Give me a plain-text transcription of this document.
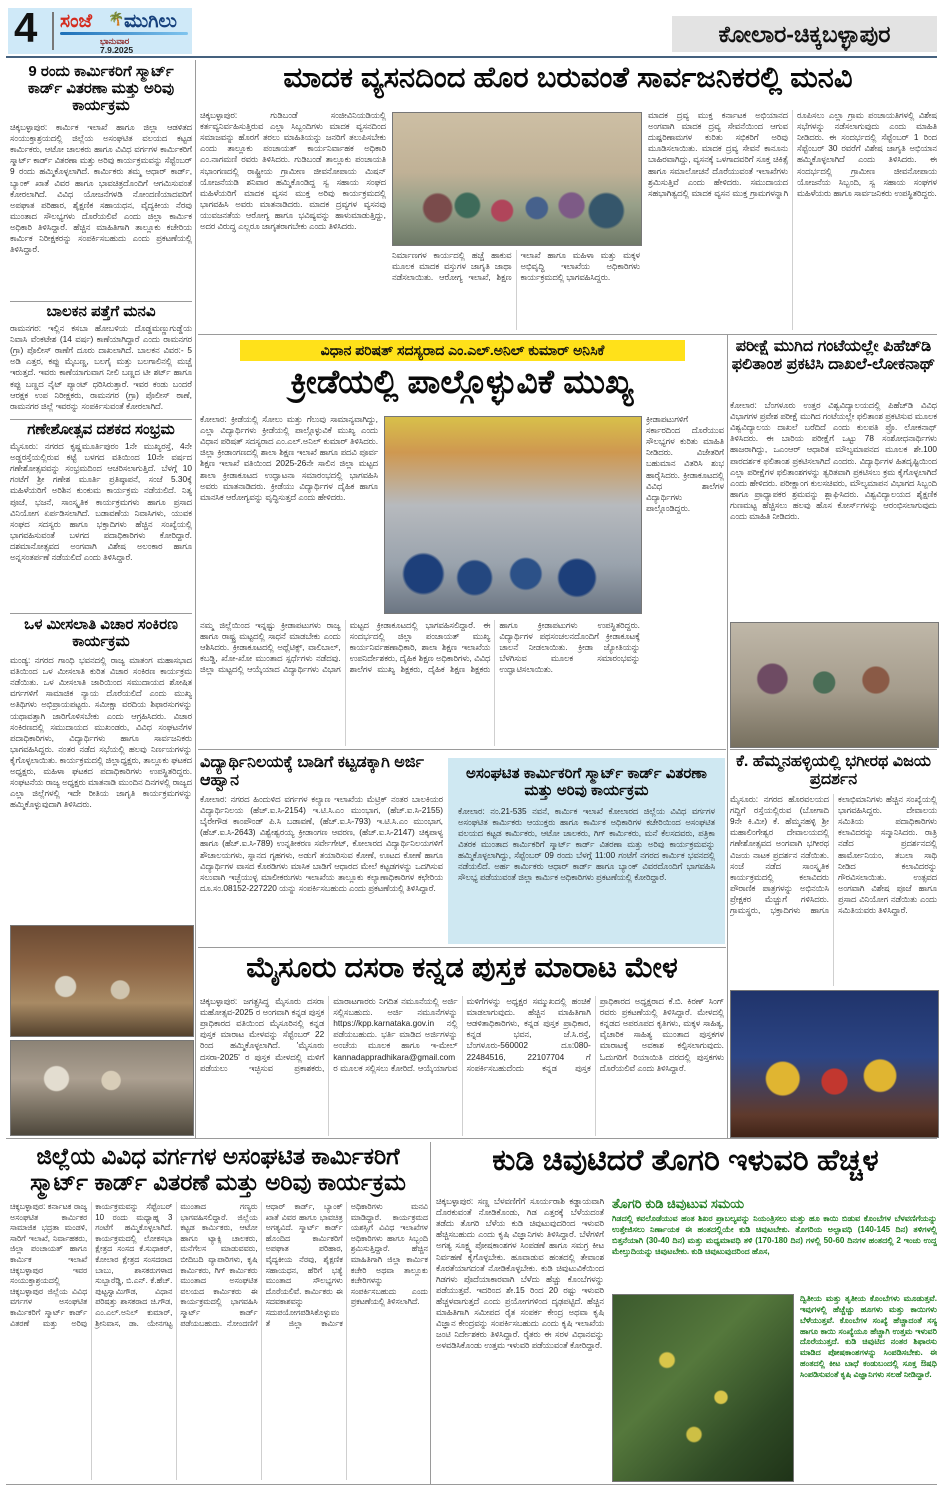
4 ಸಂಜೆ 🌴 ಮುಗಿಲು
ಭಾನುವಾರ
7.9.2025
ಕೋಲಾರ-ಚಿಕ್ಕಬಳ್ಳಾಪುರ
9 ರಂದು ಕಾರ್ಮಿಕರಿಗೆ ಸ್ಮಾರ್ಟ್ ಕಾರ್ಡ್ ವಿತರಣಾ ಮತ್ತು ಅರಿವು ಕಾರ್ಯಕ್ರಮ
ಚಿಕ್ಕಬಳ್ಳಾಪುರ: ಕಾರ್ಮಿಕ ಇಲಾಖೆ ಹಾಗೂ ಜಿಲ್ಲಾ ಆಡಳಿತದ ಸಂಯುಕ್ತಾಶ್ರಯದಲ್ಲಿ ಜಿಲ್ಲೆಯ ಅಸಂಘಟಿತ ವಲಯದ ಕಟ್ಟಡ ಕಾರ್ಮಿಕರು, ಆಟೋ ಚಾಲಕರು ಹಾಗೂ ವಿವಿಧ ವರ್ಗಗಳ ಕಾರ್ಮಿಕರಿಗೆ ಸ್ಮಾರ್ಟ್ ಕಾರ್ಡ್ ವಿತರಣಾ ಮತ್ತು ಅರಿವು ಕಾರ್ಯಕ್ರಮವನ್ನು ಸೆಪ್ಟೆಂಬರ್ 9 ರಂದು ಹಮ್ಮಿಕೊಳ್ಳಲಾಗಿದೆ. ಕಾರ್ಮಿಕರು ತಮ್ಮ ಆಧಾರ್ ಕಾರ್ಡ್, ಬ್ಯಾಂಕ್ ಖಾತೆ ವಿವರ ಹಾಗೂ ಭಾವಚಿತ್ರದೊಂದಿಗೆ ಆಗಮಿಸುವಂತೆ ಕೋರಲಾಗಿದೆ. ವಿವಿಧ ಯೋಜನೆಗಳಡಿ ನೋಂದಣಿಯಾದವರಿಗೆ ಅಪಘಾತ ಪರಿಹಾರ, ಶೈಕ್ಷಣಿಕ ಸಹಾಯಧನ, ವೈದ್ಯಕೀಯ ನೆರವು ಮುಂತಾದ ಸೌಲಭ್ಯಗಳು ದೊರೆಯಲಿವೆ ಎಂದು ಜಿಲ್ಲಾ ಕಾರ್ಮಿಕ ಅಧಿಕಾರಿ ತಿಳಿಸಿದ್ದಾರೆ. ಹೆಚ್ಚಿನ ಮಾಹಿತಿಗಾಗಿ ತಾಲ್ಲೂಕು ಕಚೇರಿಯ ಕಾರ್ಮಿಕ ನಿರೀಕ್ಷಕರನ್ನು ಸಂಪರ್ಕಿಸಬಹುದು ಎಂದು ಪ್ರಕಟಣೆಯಲ್ಲಿ ತಿಳಿಸಿದ್ದಾರೆ.
ಬಾಲಕನ ಪತ್ತೆಗೆ ಮನವಿ
ರಾಮನಗರ: ಇಲ್ಲಿನ ಕಸಬಾ ಹೋಬಳಿಯ ದೊಡ್ಡಮಣ್ಣುಗುಡ್ಡೆಯ ನಿವಾಸಿ ವೆಂಕಟೇಶ (14 ವರ್ಷ) ಕಾಣೆಯಾಗಿದ್ದಾರೆ ಎಂದು ರಾಮನಗರ (ಗ್ರಾ) ಪೊಲೀಸ್ ಠಾಣೆಗೆ ದೂರು ದಾಖಲಾಗಿದೆ. ಬಾಲಕನ ವಿವರ:- 5 ಅಡಿ ಎತ್ತರ, ಕಪ್ಪು ಮೈಬಣ್ಣ, ಬಲಗೈ ಮತ್ತು ಬಲಗಾಲಿನಲ್ಲಿ ಮಚ್ಚೆ ಇರುತ್ತದೆ. ಇವರು ಕಾಣೆಯಾಗುವಾಗ ನೀಲಿ ಬಣ್ಣದ ಟೀ ಶರ್ಟ್ ಹಾಗೂ ಕಪ್ಪು ಬಣ್ಣದ ನೈಟ್ ಪ್ಯಾಂಟ್ ಧರಿಸಿರುತ್ತಾರೆ. ಇವರ ಕಂಡು ಬಂದರೆ ಆರಕ್ಷಕ ಉಪ ನಿರೀಕ್ಷಕರು, ರಾಮನಗರ (ಗ್ರಾ) ಪೊಲೀಸ್ ಠಾಣೆ, ರಾಮನಗರ ಜಿಲ್ಲೆ ಇವರನ್ನು ಸಂಪರ್ಕಿಸುವಂತೆ ಕೋರಲಾಗಿದೆ.
ಗಣೇಶೋತ್ಸವ ದಶಕದ ಸಂಭ್ರಮ
ಮೈಸೂರು: ನಗರದ ಕೃಷ್ಣಮೂರ್ತಿಪುರಂ 1ನೇ ಮುಖ್ಯರಸ್ತೆ, 4ನೇ ಅಡ್ಡರಸ್ತೆಯಲ್ಲಿರುವ ಕಟ್ಟೆ ಬಳಗದ ವತಿಯಿಂದ 10ನೇ ವರ್ಷದ ಗಣೇಶೋತ್ಸವವನ್ನು ಸಂಭ್ರಮದಿಂದ ಆಚರಿಸಲಾಗುತ್ತಿದೆ. ಬೆಳಗ್ಗೆ 10 ಗಂಟೆಗೆ ಶ್ರೀ ಗಣೇಶ ಮೂರ್ತಿ ಪ್ರತಿಷ್ಠಾಪನೆ, ಸಂಜೆ 5.30ಕ್ಕೆ ಮಹಿಳೆಯರಿಗೆ ಅರಿಶಿನ ಕುಂಕುಮ ಕಾರ್ಯಕ್ರಮ ನಡೆಯಲಿದೆ. ನಿತ್ಯ ಪೂಜೆ, ಭಜನೆ, ಸಾಂಸ್ಕೃತಿಕ ಕಾರ್ಯಕ್ರಮಗಳು ಹಾಗೂ ಪ್ರಸಾದ ವಿನಿಯೋಗ ಏರ್ಪಡಿಸಲಾಗಿದೆ. ಬಡಾವಣೆಯ ನಿವಾಸಿಗಳು, ಯುವಕ ಸಂಘದ ಸದಸ್ಯರು ಹಾಗೂ ಭಕ್ತಾದಿಗಳು ಹೆಚ್ಚಿನ ಸಂಖ್ಯೆಯಲ್ಲಿ ಭಾಗವಹಿಸುವಂತೆ ಬಳಗದ ಪದಾಧಿಕಾರಿಗಳು ಕೋರಿದ್ದಾರೆ. ದಶಮಾನೋತ್ಸವದ ಅಂಗವಾಗಿ ವಿಶೇಷ ಅಲಂಕಾರ ಹಾಗೂ ಅನ್ನಸಂತರ್ಪಣೆ ನಡೆಯಲಿದೆ ಎಂದು ತಿಳಿಸಿದ್ದಾರೆ.
ಒಳ ಮೀಸಲಾತಿ ವಿಚಾರ ಸಂಕಿರಣ ಕಾರ್ಯಕ್ರಮ
ಮಂಡ್ಯ: ನಗರದ ಗಾಂಧಿ ಭವನದಲ್ಲಿ ರಾಜ್ಯ ಮಾತಂಗ ಮಹಾಸಭಾದ ವತಿಯಿಂದ ಒಳ ಮೀಸಲಾತಿ ಕುರಿತ ವಿಚಾರ ಸಂಕಿರಣ ಕಾರ್ಯಕ್ರಮ ನಡೆಯಿತು. ಒಳ ಮೀಸಲಾತಿ ಜಾರಿಯಿಂದ ಸಮುದಾಯದ ಶೋಷಿತ ವರ್ಗಗಳಿಗೆ ಸಾಮಾಜಿಕ ನ್ಯಾಯ ದೊರೆಯಲಿದೆ ಎಂದು ಮುಖ್ಯ ಅತಿಥಿಗಳು ಅಭಿಪ್ರಾಯಪಟ್ಟರು. ಸಮೀಕ್ಷಾ ವರದಿಯ ಶಿಫಾರಸುಗಳನ್ನು ಯಥಾವತ್ತಾಗಿ ಜಾರಿಗೊಳಿಸಬೇಕು ಎಂದು ಆಗ್ರಹಿಸಿದರು. ವಿಚಾರ ಸಂಕಿರಣದಲ್ಲಿ ಸಮುದಾಯದ ಮುಖಂಡರು, ವಿವಿಧ ಸಂಘಟನೆಗಳ ಪದಾಧಿಕಾರಿಗಳು, ವಿದ್ಯಾರ್ಥಿಗಳು ಹಾಗೂ ಸಾರ್ವಜನಿಕರು ಭಾಗವಹಿಸಿದ್ದರು. ನಂತರ ನಡೆದ ಸಭೆಯಲ್ಲಿ ಹಲವು ನಿರ್ಣಯಗಳನ್ನು ಕೈಗೊಳ್ಳಲಾಯಿತು. ಕಾರ್ಯಕ್ರಮದಲ್ಲಿ ಜಿಲ್ಲಾಧ್ಯಕ್ಷರು, ತಾಲ್ಲೂಕು ಘಟಕದ ಅಧ್ಯಕ್ಷರು, ಮಹಿಳಾ ಘಟಕದ ಪದಾಧಿಕಾರಿಗಳು ಉಪಸ್ಥಿತರಿದ್ದರು. ಸಂಘಟನೆಯ ರಾಜ್ಯ ಅಧ್ಯಕ್ಷರು ಮಾತನಾಡಿ ಮುಂದಿನ ದಿನಗಳಲ್ಲಿ ರಾಜ್ಯದ ಎಲ್ಲಾ ಜಿಲ್ಲೆಗಳಲ್ಲಿ ಇದೇ ರೀತಿಯ ಜಾಗೃತಿ ಕಾರ್ಯಕ್ರಮಗಳನ್ನು ಹಮ್ಮಿಕೊಳ್ಳುವುದಾಗಿ ತಿಳಿಸಿದರು.
ಮಾದಕ ವ್ಯಸನದಿಂದ ಹೊರ ಬರುವಂತೆ ಸಾರ್ವಜನಿಕರಲ್ಲಿ ಮನವಿ
ಚಿಕ್ಕಬಳ್ಳಾಪುರ: ಗುಡಿಬಂಡೆ ಸಂಜೀವಿನಿಯಡಿಯಲ್ಲಿ ಕರ್ತವ್ಯನಿರ್ವಹಿಸುತ್ತಿರುವ ಎಲ್ಲಾ ಸಿಬ್ಬಂದಿಗಳು ಮಾದಕ ವ್ಯಸನದಿಂದ ಸಮಾಜವನ್ನು ಹೊರಗೆ ತರಲು ಮಾಹಿತಿಯನ್ನು ಜನರಿಗೆ ತಲುಪಿಸಬೇಕು ಎಂದು ತಾಲ್ಲೂಕು ಪಂಚಾಯತ್ ಕಾರ್ಯನಿರ್ವಾಹಕ ಅಧಿಕಾರಿ ಎಂ.ನಾಗಮಣಿ ರವರು ತಿಳಿಸಿದರು. ಗುಡಿಬಂಡೆ ತಾಲ್ಲೂಕು ಪಂಚಾಯತಿ ಸಭಾಂಗಣದಲ್ಲಿ ರಾಷ್ಟ್ರೀಯ ಗ್ರಾಮೀಣ ಜೀವನೋಪಾಯ ಮಿಷನ್ ಯೋಜನೆಯಡಿ ಶನಿವಾರ ಹಮ್ಮಿಕೊಂಡಿದ್ದ ಸ್ವ ಸಹಾಯ ಸಂಘದ ಮಹಿಳೆಯರಿಗೆ ಮಾದಕ ವ್ಯಸನ ಮುಕ್ತ ಅರಿವು ಕಾರ್ಯಕ್ರಮದಲ್ಲಿ ಭಾಗವಹಿಸಿ ಅವರು ಮಾತನಾಡಿದರು. ಮಾದಕ ದ್ರವ್ಯಗಳ ವ್ಯಸನವು ಯುವಜನತೆಯ ಆರೋಗ್ಯ ಹಾಗೂ ಭವಿಷ್ಯವನ್ನು ಹಾಳುಮಾಡುತ್ತಿದ್ದು, ಅದರ ವಿರುದ್ಧ ಎಲ್ಲರೂ ಜಾಗೃತರಾಗಬೇಕು ಎಂದು ತಿಳಿಸಿದರು.
ನಿರ್ಮಾಣಗಳ ಕಾರ್ಯದಲ್ಲಿ ಹಚ್ಚೆ ಹಾಕುವ ಮೂಲಕ ಮಾದಕ ವಸ್ತುಗಳ ಜಾಗೃತಿ ಜಾಥಾ ನಡೆಸಲಾಯಿತು. ಆರೋಗ್ಯ ಇಲಾಖೆ, ಶಿಕ್ಷಣ ಇಲಾಖೆ ಹಾಗೂ ಮಹಿಳಾ ಮತ್ತು ಮಕ್ಕಳ ಅಭಿವೃದ್ಧಿ ಇಲಾಖೆಯ ಅಧಿಕಾರಿಗಳು ಕಾರ್ಯಕ್ರಮದಲ್ಲಿ ಭಾಗವಹಿಸಿದ್ದರು.
ಮಾದಕ ದ್ರವ್ಯ ಮುಕ್ತ ಕರ್ನಾಟಕ ಅಭಿಯಾನದ ಅಂಗವಾಗಿ ಮಾದಕ ದ್ರವ್ಯ ಸೇವನೆಯಿಂದ ಆಗುವ ದುಷ್ಪರಿಣಾಮಗಳ ಕುರಿತು ಸಭಿಕರಿಗೆ ಅರಿವು ಮೂಡಿಸಲಾಯಿತು. ಮಾದಕ ದ್ರವ್ಯ ಸೇವನೆ ಕಾನೂನು ಬಾಹಿರವಾಗಿದ್ದು, ವ್ಯಸನಕ್ಕೆ ಒಳಗಾದವರಿಗೆ ಸೂಕ್ತ ಚಿಕಿತ್ಸೆ ಹಾಗೂ ಸಮಾಲೋಚನೆ ದೊರೆಯುವಂತೆ ಇಲಾಖೆಗಳು ಶ್ರಮಿಸುತ್ತಿವೆ ಎಂದು ಹೇಳಿದರು. ಸಮುದಾಯದ ಸಹಭಾಗಿತ್ವದಲ್ಲಿ ಮಾದಕ ವ್ಯಸನ ಮುಕ್ತ ಗ್ರಾಮಗಳನ್ನಾಗಿ ರೂಪಿಸಲು ಎಲ್ಲಾ ಗ್ರಾಮ ಪಂಚಾಯತಿಗಳಲ್ಲಿ ವಿಶೇಷ ಸಭೆಗಳನ್ನು ನಡೆಸಲಾಗುವುದು ಎಂದು ಮಾಹಿತಿ ನೀಡಿದರು. ಈ ಸಂದರ್ಭದಲ್ಲಿ ಸೆಪ್ಟೆಂಬರ್ 1 ರಿಂದ ಸೆಪ್ಟೆಂಬರ್ 30 ರವರೆಗೆ ವಿಶೇಷ ಜಾಗೃತಿ ಅಭಿಯಾನ ಹಮ್ಮಿಕೊಳ್ಳಲಾಗಿದೆ ಎಂದು ತಿಳಿಸಿದರು. ಈ ಸಂದರ್ಭದಲ್ಲಿ ಗ್ರಾಮೀಣ ಜೀವನೋಪಾಯ ಯೋಜನೆಯ ಸಿಬ್ಬಂದಿ, ಸ್ವ ಸಹಾಯ ಸಂಘಗಳ ಮಹಿಳೆಯರು ಹಾಗೂ ಸಾರ್ವಜನಿಕರು ಉಪಸ್ಥಿತರಿದ್ದರು.
ವಿಧಾನ ಪರಿಷತ್ ಸದಸ್ಯರಾದ ಎಂ.ಎಲ್.ಅನಿಲ್ ಕುಮಾರ್ ಅನಿಸಿಕೆ
ಕ್ರೀಡೆಯಲ್ಲಿ ಪಾಲ್ಗೊಳ್ಳುವಿಕೆ ಮುಖ್ಯ
ಕೋಲಾರ: ಕ್ರೀಡೆಯಲ್ಲಿ ಸೋಲು ಮತ್ತು ಗೆಲುವು ಸಾಮಾನ್ಯವಾಗಿದ್ದು, ಎಲ್ಲಾ ವಿದ್ಯಾರ್ಥಿಗಳು ಕ್ರೀಡೆಯಲ್ಲಿ ಪಾಲ್ಗೊಳ್ಳುವಿಕೆ ಮುಖ್ಯ ಎಂದು ವಿಧಾನ ಪರಿಷತ್ ಸದಸ್ಯರಾದ ಎಂ.ಎಲ್.ಅನಿಲ್ ಕುಮಾರ್ ತಿಳಿಸಿದರು. ಜಿಲ್ಲಾ ಕ್ರೀಡಾಂಗಣದಲ್ಲಿ ಶಾಲಾ ಶಿಕ್ಷಣ ಇಲಾಖೆ ಹಾಗೂ ಪದವಿ ಪೂರ್ವ ಶಿಕ್ಷಣ ಇಲಾಖೆ ವತಿಯಿಂದ 2025-26ನೇ ಸಾಲಿನ ಜಿಲ್ಲಾ ಮಟ್ಟದ ಶಾಲಾ ಕ್ರೀಡಾಕೂಟದ ಉದ್ಘಾಟನಾ ಸಮಾರಂಭದಲ್ಲಿ ಭಾಗವಹಿಸಿ ಅವರು ಮಾತನಾಡಿದರು. ಕ್ರೀಡೆಯು ವಿದ್ಯಾರ್ಥಿಗಳ ದೈಹಿಕ ಹಾಗೂ ಮಾನಸಿಕ ಆರೋಗ್ಯವನ್ನು ವೃದ್ಧಿಸುತ್ತದೆ ಎಂದು ಹೇಳಿದರು.
ಕ್ರೀಡಾಪಟುಗಳಿಗೆ ಸರ್ಕಾರದಿಂದ ದೊರೆಯುವ ಸೌಲಭ್ಯಗಳ ಕುರಿತು ಮಾಹಿತಿ ನೀಡಿದರು. ವಿಜೇತರಿಗೆ ಬಹುಮಾನ ವಿತರಿಸಿ ಶುಭ ಹಾರೈಸಿದರು. ಕ್ರೀಡಾಕೂಟದಲ್ಲಿ ವಿವಿಧ ಶಾಲೆಗಳ ವಿದ್ಯಾರ್ಥಿಗಳು ಪಾಲ್ಗೊಂಡಿದ್ದರು.
ನಮ್ಮ ಜಿಲ್ಲೆಯಿಂದ ಇನ್ನಷ್ಟು ಕ್ರೀಡಾಪಟುಗಳು ರಾಜ್ಯ ಹಾಗೂ ರಾಷ್ಟ್ರ ಮಟ್ಟದಲ್ಲಿ ಸಾಧನೆ ಮಾಡಬೇಕು ಎಂದು ಆಶಿಸಿದರು. ಕ್ರೀಡಾಕೂಟದಲ್ಲಿ ಅಥ್ಲೆಟಿಕ್ಸ್, ವಾಲಿಬಾಲ್, ಕಬಡ್ಡಿ, ಖೋ-ಖೋ ಮುಂತಾದ ಸ್ಪರ್ಧೆಗಳು ನಡೆದವು. ಜಿಲ್ಲಾ ಮಟ್ಟದಲ್ಲಿ ಆಯ್ಕೆಯಾದ ವಿದ್ಯಾರ್ಥಿಗಳು ವಿಭಾಗ ಮಟ್ಟದ ಕ್ರೀಡಾಕೂಟದಲ್ಲಿ ಭಾಗವಹಿಸಲಿದ್ದಾರೆ. ಈ ಸಂದರ್ಭದಲ್ಲಿ ಜಿಲ್ಲಾ ಪಂಚಾಯತ್ ಮುಖ್ಯ ಕಾರ್ಯನಿರ್ವಹಣಾಧಿಕಾರಿ, ಶಾಲಾ ಶಿಕ್ಷಣ ಇಲಾಖೆಯ ಉಪನಿರ್ದೇಶಕರು, ದೈಹಿಕ ಶಿಕ್ಷಣ ಅಧಿಕಾರಿಗಳು, ವಿವಿಧ ಶಾಲೆಗಳ ಮುಖ್ಯ ಶಿಕ್ಷಕರು, ದೈಹಿಕ ಶಿಕ್ಷಣ ಶಿಕ್ಷಕರು ಹಾಗೂ ಕ್ರೀಡಾಪಟುಗಳು ಉಪಸ್ಥಿತರಿದ್ದರು. ವಿದ್ಯಾರ್ಥಿಗಳ ಪಥಸಂಚಲನದೊಂದಿಗೆ ಕ್ರೀಡಾಕೂಟಕ್ಕೆ ಚಾಲನೆ ನೀಡಲಾಯಿತು. ಕ್ರೀಡಾ ಜ್ಯೋತಿಯನ್ನು ಬೆಳಗಿಸುವ ಮೂಲಕ ಸಮಾರಂಭವನ್ನು ಉದ್ಘಾಟಿಸಲಾಯಿತು.
ವಿದ್ಯಾರ್ಥಿನಿಲಯಕ್ಕೆ ಬಾಡಿಗೆ ಕಟ್ಟಡಕ್ಕಾಗಿ ಅರ್ಜಿ ಆಹ್ವಾನ
ಕೋಲಾರ: ನಗರದ ಹಿಂದುಳಿದ ವರ್ಗಗಳ ಕಲ್ಯಾಣ ಇಲಾಖೆಯ ಮೆಟ್ರಿಕ್ ನಂತರ ಬಾಲಕಿಯರ ವಿದ್ಯಾರ್ಥಿನಿಲಯ (ಹೆಚ್.ಐ.ಸಿ-2154) ಇ.ಟಿ.ಸಿ.ಎಂ ಮುಂಭಾಗ, (ಹೆಚ್.ಐ.ಸಿ-2155) ಬೈರೇಗೌಡ ಕಾಂಪೌಂಡ್ ಪಿ.ಸಿ ಬಡಾವಣೆ, (ಹೆಚ್.ಐ.ಸಿ-793) ಇ.ಟಿ.ಸಿ.ಎಂ ಮುಂಭಾಗ, (ಹೆಚ್.ಐ.ಸಿ-2643) ವಿಶ್ವೇಶ್ವರಯ್ಯ ಕ್ರೀಡಾಂಗಣ ಆವರಣ, (ಹೆಚ್.ಐ.ಸಿ-2147) ಚಿಕ್ಕಪಾಳ್ಯ ಹಾಗೂ (ಹೆಚ್.ಐ.ಸಿ-789) ಉನ್ನತೀಕರಣ ಸರ್ವೇಗೇಟ್, ಕೋಲಾರದ ವಿದ್ಯಾರ್ಥಿನಿಲಯಗಳಿಗೆ ಶೌಚಾಲಯಗಳು, ಸ್ನಾನದ ಗೃಹಗಳು, ಅಡುಗೆ ತಯಾರಿಸುವ ಕೋಣೆ, ಊಟದ ಕೋಣೆ ಹಾಗೂ ವಿದ್ಯಾರ್ಥಿಗಳ ವಾಸದ ಕೊಠಡಿಗಳು ಮಾಸಿಕ ಬಾಡಿಗೆ ಆಧಾರದ ಮೇಲೆ ಕಟ್ಟಡಗಳನ್ನು ಒದಗಿಸುವ ಸಲುವಾಗಿ ಇಚ್ಛೆಯುಳ್ಳ ಮಾಲೀಕರುಗಳು ಇಲಾಖೆಯ ತಾಲ್ಲೂಕು ಕಲ್ಯಾಣಾಧಿಕಾರಿಗಳ ಕಛೇರಿಯ ದೂ.ಸಂ.08152-227220 ಯನ್ನು ಸಂಪರ್ಕಿಸಬಹುದು ಎಂದು ಪ್ರಕಟಣೆಯಲ್ಲಿ ತಿಳಿಸಿದ್ದಾರೆ.
ಅಸಂಘಟಿತ ಕಾರ್ಮಿಕರಿಗೆ ಸ್ಮಾರ್ಟ್ ಕಾರ್ಡ್ ವಿತರಣಾ ಮತ್ತು ಅರಿವು ಕಾರ್ಯಕ್ರಮ
ಕೋಲಾರ: ನಂ.21-535 ನವನೆ, ಕಾರ್ಮಿಕ ಇಲಾಖೆ ಕೋಲಾರದ ಜಿಲ್ಲೆಯ ವಿವಿಧ ವರ್ಗಗಳ ಅಸಂಘಟಿತ ಕಾರ್ಮಿಕರು ಆಯುಕ್ತರು ಹಾಗೂ ಕಾರ್ಮಿಕ ಅಧಿಕಾರಿಗಳ ಕಚೇರಿಯಿಂದ ಅಸಂಘಟಿತ ವಲಯದ ಕಟ್ಟಡ ಕಾರ್ಮಿಕರು, ಆಟೋ ಚಾಲಕರು, ಗಿಗ್ ಕಾರ್ಮಿಕರು, ಮನೆ ಕೆಲಸದವರು, ಪತ್ರಿಕಾ ವಿತರಕ ಮುಂತಾದ ಕಾರ್ಮಿಕರಿಗೆ ಸ್ಮಾರ್ಟ್ ಕಾರ್ಡ್ ವಿತರಣಾ ಮತ್ತು ಅರಿವು ಕಾರ್ಯಕ್ರಮವನ್ನು ಹಮ್ಮಿಕೊಳ್ಳಲಾಗಿದ್ದು, ಸೆಪ್ಟೆಂಬರ್ 09 ರಂದು ಬೆಳಗ್ಗೆ 11:00 ಗಂಟೆಗೆ ನಗರದ ಕಾರ್ಮಿಕ ಭವನದಲ್ಲಿ ನಡೆಯಲಿದೆ. ಅರ್ಹ ಕಾರ್ಮಿಕರು ಆಧಾರ್ ಕಾರ್ಡ್ ಹಾಗೂ ಬ್ಯಾಂಕ್ ವಿವರದೊಂದಿಗೆ ಭಾಗವಹಿಸಿ ಸೌಲಭ್ಯ ಪಡೆಯುವಂತೆ ಜಿಲ್ಲಾ ಕಾರ್ಮಿಕ ಅಧಿಕಾರಿಗಳು ಪ್ರಕಟಣೆಯಲ್ಲಿ ಕೋರಿದ್ದಾರೆ.
ಮೈಸೂರು ದಸರಾ ಕನ್ನಡ ಪುಸ್ತಕ ಮಾರಾಟ ಮೇಳ
ಚಿಕ್ಕಬಳ್ಳಾಪುರ: ಜಗತ್ಪ್ರಸಿದ್ಧ ಮೈಸೂರು ದಸರಾ ಮಹೋತ್ಸವ-2025 ರ ಅಂಗವಾಗಿ ಕನ್ನಡ ಪುಸ್ತಕ ಪ್ರಾಧಿಕಾರದ ವತಿಯಿಂದ ಮೈಸೂರಿನಲ್ಲಿ ಕನ್ನಡ ಪುಸ್ತಕ ಮಾರಾಟ ಮೇಳವನ್ನು ಸೆಪ್ಟೆಂಬರ್ 22 ರಿಂದ ಹಮ್ಮಿಕೊಳ್ಳಲಾಗಿದೆ. 'ಮೈಸೂರು ದಸರಾ-2025' ರ ಪುಸ್ತಕ ಮೇಳದಲ್ಲಿ ಮಳಿಗೆ ಪಡೆಯಲು ಇಚ್ಛಿಸುವ ಪ್ರಕಾಶಕರು, ಮಾರಾಟಗಾರರು ನಿಗದಿತ ನಮೂನೆಯಲ್ಲಿ ಅರ್ಜಿ ಸಲ್ಲಿಸಬಹುದು. ಅರ್ಜಿ ನಮೂನೆಗಳನ್ನು https://kpp.karnataka.gov.in ನಲ್ಲಿ ಪಡೆಯಬಹುದು. ಭರ್ತಿ ಮಾಡಿದ ಅರ್ಜಿಗಳನ್ನು ಅಂಚೆಯ ಮೂಲಕ ಹಾಗೂ ಇ-ಮೇಲ್ kannadappradhikara@gmail.com ರ ಮೂಲಕ ಸಲ್ಲಿಸಲು ಕೋರಿದೆ. ಆಯ್ಕೆಯಾಗುವ ಮಳಿಗೆಗಳನ್ನು ಅಧ್ಯಕ್ಷರ ಸಮ್ಮುಖದಲ್ಲಿ ಹಂಚಿಕೆ ಮಾಡಲಾಗುವುದು. ಹೆಚ್ಚಿನ ಮಾಹಿತಿಗಾಗಿ ಆಡಳಿತಾಧಿಕಾರಿಗಳು, ಕನ್ನಡ ಪುಸ್ತಕ ಪ್ರಾಧಿಕಾರ, ಕನ್ನಡ ಭವನ, ಜೆ.ಸಿ.ರಸ್ತೆ, ಬೆಂಗಳೂರು-560002 ದೂ:080-22484516, 22107704 ಗೆ ಸಂಪರ್ಕಿಸಬಹುದೆಂದು ಕನ್ನಡ ಪುಸ್ತಕ ಪ್ರಾಧಿಕಾರದ ಅಧ್ಯಕ್ಷರಾದ ಕೆ.ಬಿ. ಕಿರಣ್ ಸಿಂಗ್ ರವರು ಪ್ರಕಟಣೆಯಲ್ಲಿ ತಿಳಿಸಿದ್ದಾರೆ. ಮೇಳದಲ್ಲಿ ಕನ್ನಡದ ಅಪರೂಪದ ಕೃತಿಗಳು, ಮಕ್ಕಳ ಸಾಹಿತ್ಯ, ವೈಚಾರಿಕ ಸಾಹಿತ್ಯ ಮುಂತಾದ ಪುಸ್ತಕಗಳ ಮಾರಾಟಕ್ಕೆ ಅವಕಾಶ ಕಲ್ಪಿಸಲಾಗುವುದು. ಓದುಗರಿಗೆ ರಿಯಾಯಿತಿ ದರದಲ್ಲಿ ಪುಸ್ತಕಗಳು ದೊರೆಯಲಿವೆ ಎಂದು ತಿಳಿಸಿದ್ದಾರೆ.
ಪರೀಕ್ಷೆ ಮುಗಿದ ಗಂಟೆಯಲ್ಲೇ ಪಿಹೆಚ್‌ಡಿ ಫಲಿತಾಂಶ ಪ್ರಕಟಿಸಿ ದಾಖಲೆ-ಲೋಕನಾಥ್
ಕೋಲಾರ: ಬೆಂಗಳೂರು ಉತ್ತರ ವಿಶ್ವವಿದ್ಯಾಲಯದಲ್ಲಿ ಪಿಹೆಚ್‌ಡಿ ವಿವಿಧ ವಿಭಾಗಗಳ ಪ್ರವೇಶ ಪರೀಕ್ಷೆ ಮುಗಿದ ಗಂಟೆಯಲ್ಲೇ ಫಲಿತಾಂಶ ಪ್ರಕಟಿಸುವ ಮೂಲಕ ವಿಶ್ವವಿದ್ಯಾಲಯ ದಾಖಲೆ ಬರೆದಿದೆ ಎಂದು ಕುಲಪತಿ ಪ್ರೊ. ಲೋಕನಾಥ್ ತಿಳಿಸಿದರು. ಈ ಬಾರಿಯ ಪರೀಕ್ಷೆಗೆ ಒಟ್ಟು 78 ಸಂಶೋಧನಾರ್ಥಿಗಳು ಹಾಜರಾಗಿದ್ದು, ಒಎಂಆರ್ ಆಧಾರಿತ ಮೌಲ್ಯಮಾಪನದ ಮೂಲಕ ಶೇ.100 ಪಾರದರ್ಶಕ ಫಲಿತಾಂಶ ಪ್ರಕಟಿಸಲಾಗಿದೆ ಎಂದರು. ವಿದ್ಯಾರ್ಥಿಗಳ ಹಿತದೃಷ್ಟಿಯಿಂದ ಎಲ್ಲಾ ಪರೀಕ್ಷೆಗಳ ಫಲಿತಾಂಶಗಳನ್ನು ತ್ವರಿತವಾಗಿ ಪ್ರಕಟಿಸಲು ಕ್ರಮ ಕೈಗೊಳ್ಳಲಾಗಿದೆ ಎಂದು ಹೇಳಿದರು. ಪರೀಕ್ಷಾಂಗ ಕುಲಸಚಿವರು, ಮೌಲ್ಯಮಾಪನ ವಿಭಾಗದ ಸಿಬ್ಬಂದಿ ಹಾಗೂ ಪ್ರಾಧ್ಯಾಪಕರ ಶ್ರಮವನ್ನು ಶ್ಲಾಘಿಸಿದರು. ವಿಶ್ವವಿದ್ಯಾಲಯದ ಶೈಕ್ಷಣಿಕ ಗುಣಮಟ್ಟ ಹೆಚ್ಚಿಸಲು ಹಲವು ಹೊಸ ಕೋರ್ಸ್‌ಗಳನ್ನು ಆರಂಭಿಸಲಾಗುವುದು ಎಂದು ಮಾಹಿತಿ ನೀಡಿದರು.
ಕೆ. ಹೆಮ್ಮನಹಳ್ಳಿಯಲ್ಲಿ ಭಗೀರಥ ವಿಜಯ ಪ್ರದರ್ಶನ
ಮೈಸೂರು: ನಗರದ ಹೊರವಲಯದ ಗದ್ದಿಗೆ ರಸ್ತೆಯಲ್ಲಿರುವ (ಬೋಗಾದಿ 9ನೇ ಕಿ.ಮೀ) ಕೆ. ಹೆಮ್ಮನಹಳ್ಳಿ ಶ್ರೀ ಮಹಾಲಿಂಗೇಶ್ವರ ದೇವಾಲಯದಲ್ಲಿ ಗಣೇಶೋತ್ಸವದ ಅಂಗವಾಗಿ ಭಗೀರಥ ವಿಜಯ ನಾಟಕ ಪ್ರದರ್ಶನ ನಡೆಯಿತು. ಸಂಜೆ ನಡೆದ ಸಾಂಸ್ಕೃತಿಕ ಕಾರ್ಯಕ್ರಮದಲ್ಲಿ ಕಲಾವಿದರು ಪೌರಾಣಿಕ ಪಾತ್ರಗಳನ್ನು ಅಭಿನಯಿಸಿ ಪ್ರೇಕ್ಷಕರ ಮೆಚ್ಚುಗೆ ಗಳಿಸಿದರು. ಗ್ರಾಮಸ್ಥರು, ಭಕ್ತಾದಿಗಳು ಹಾಗೂ ಕಲಾಭಿಮಾನಿಗಳು ಹೆಚ್ಚಿನ ಸಂಖ್ಯೆಯಲ್ಲಿ ಭಾಗವಹಿಸಿದ್ದರು. ದೇವಾಲಯ ಸಮಿತಿಯ ಪದಾಧಿಕಾರಿಗಳು ಕಲಾವಿದರನ್ನು ಸನ್ಮಾನಿಸಿದರು. ರಾತ್ರಿ ನಡೆದ ಪ್ರದರ್ಶನದಲ್ಲಿ ಹಾರ್ಮೋನಿಯಂ, ತಬಲಾ ಸಾಥಿ ನೀಡಿದ ಕಲಾವಿದರನ್ನು ಗೌರವಿಸಲಾಯಿತು. ಉತ್ಸವದ ಅಂಗವಾಗಿ ವಿಶೇಷ ಪೂಜೆ ಹಾಗೂ ಪ್ರಸಾದ ವಿನಿಯೋಗ ನಡೆಯಿತು ಎಂದು ಸಮಿತಿಯವರು ತಿಳಿಸಿದ್ದಾರೆ.
ಜಿಲ್ಲೆಯ ವಿವಿಧ ವರ್ಗಗಳ ಅಸಂಘಟಿತ ಕಾರ್ಮಿಕರಿಗೆ ಸ್ಮಾರ್ಟ್ ಕಾರ್ಡ್ ವಿತರಣೆ ಮತ್ತು ಅರಿವು ಕಾರ್ಯಕ್ರಮ
ಚಿಕ್ಕಬಳ್ಳಾಪುರ: ಕರ್ನಾಟಕ ರಾಜ್ಯ ಅಸಂಘಟಿತ ಕಾರ್ಮಿಕರ ಸಾಮಾಜಿಕ ಭದ್ರತಾ ಮಂಡಳಿ, ಸಾರಿಗೆ ಇಲಾಖೆ, ನಿರ್ವಾಹಕರು, ಜಿಲ್ಲಾ ಪಂಚಾಯತ್ ಹಾಗೂ ಕಾರ್ಮಿಕ ಇಲಾಖೆ ಚಿಕ್ಕಬಳ್ಳಾಪುರ ಇವರ ಸಂಯುಕ್ತಾಶ್ರಯದಲ್ಲಿ ಚಿಕ್ಕಬಳ್ಳಾಪುರ ಜಿಲ್ಲೆಯ ವಿವಿಧ ವರ್ಗಗಳ ಅಸಂಘಟಿತ ಕಾರ್ಮಿಕರಿಗೆ ಸ್ಮಾರ್ಟ್ ಕಾರ್ಡ್ ವಿತರಣೆ ಮತ್ತು ಅರಿವು ಕಾರ್ಯಕ್ರಮವನ್ನು ಸೆಪ್ಟೆಂಬರ್ 10 ರಂದು ಮಧ್ಯಾಹ್ನ 3 ಗಂಟೆಗೆ ಹಮ್ಮಿಕೊಳ್ಳಲಾಗಿದೆ. ಕಾರ್ಯಕ್ರಮದಲ್ಲಿ ಲೋಕಸಭಾ ಕ್ಷೇತ್ರದ ಸಂಸದ ಕೆ.ಸುಧಾಕರ್, ಕೋಲಾರ ಕ್ಷೇತ್ರದ ಸಂಸದರಾದ ಬಾಬು, ಶಾಸಕರುಗಳಾದ ಸುಬ್ಬಾರೆಡ್ಡಿ, ಬಿ.ಎನ್. ಕೆ.ಹೆಚ್. ಪುಟ್ಟಸ್ವಾಮಿಗೌಡ, ವಿಧಾನ ಪರಿಷತ್ತು ಶಾಸಕರಾದ ಚಿ.ಗೌಡ, ಎಂ.ಎಲ್.ಅನಿಲ್ ಕುಮಾರ್, ಶ್ರೀನಿವಾಸ, ಡಾ. ಯೇನಗಟ್ಟ ಮುಂತಾದ ಗಣ್ಯರು ಭಾಗವಹಿಸಲಿದ್ದಾರೆ. ಜಿಲ್ಲೆಯ ಕಟ್ಟಡ ಕಾರ್ಮಿಕರು, ಆಟೋ ಹಾಗೂ ಟ್ಯಾಕ್ಸಿ ಚಾಲಕರು, ಮನೆಗೆಲಸ ಮಾಡುವವರು, ಬೀದಿಬದಿ ವ್ಯಾಪಾರಿಗಳು, ಕೃಷಿ ಕಾರ್ಮಿಕರು, ಗಿಗ್ ಕಾರ್ಮಿಕರು ಮುಂತಾದ ಅಸಂಘಟಿತ ವಲಯದ ಕಾರ್ಮಿಕರು ಈ ಕಾರ್ಯಕ್ರಮದಲ್ಲಿ ಭಾಗವಹಿಸಿ ಸ್ಮಾರ್ಟ್ ಕಾರ್ಡ್ ಪಡೆಯಬಹುದು. ನೋಂದಣಿಗೆ ಆಧಾರ್ ಕಾರ್ಡ್, ಬ್ಯಾಂಕ್ ಖಾತೆ ವಿವರ ಹಾಗೂ ಭಾವಚಿತ್ರ ಅಗತ್ಯವಿದೆ. ಸ್ಮಾರ್ಟ್ ಕಾರ್ಡ್ ಹೊಂದಿದ ಕಾರ್ಮಿಕರಿಗೆ ಅಪಘಾತ ಪರಿಹಾರ, ವೈದ್ಯಕೀಯ ನೆರವು, ಶೈಕ್ಷಣಿಕ ಸಹಾಯಧನ, ಹೆರಿಗೆ ಭತ್ಯೆ ಮುಂತಾದ ಸೌಲಭ್ಯಗಳು ದೊರೆಯಲಿವೆ. ಕಾರ್ಮಿಕರು ಈ ಸದವಕಾಶವನ್ನು ಸದುಪಯೋಗಪಡಿಸಿಕೊಳ್ಳುವಂತೆ ಜಿಲ್ಲಾ ಕಾರ್ಮಿಕ ಅಧಿಕಾರಿಗಳು ಮನವಿ ಮಾಡಿದ್ದಾರೆ. ಕಾರ್ಯಕ್ರಮದ ಯಶಸ್ಸಿಗೆ ವಿವಿಧ ಇಲಾಖೆಗಳ ಅಧಿಕಾರಿಗಳು ಹಾಗೂ ಸಿಬ್ಬಂದಿ ಶ್ರಮಿಸುತ್ತಿದ್ದಾರೆ. ಹೆಚ್ಚಿನ ಮಾಹಿತಿಗಾಗಿ ಜಿಲ್ಲಾ ಕಾರ್ಮಿಕ ಕಚೇರಿ ಅಥವಾ ತಾಲ್ಲೂಕು ಕಚೇರಿಗಳನ್ನು ಸಂಪರ್ಕಿಸಬಹುದು ಎಂದು ಪ್ರಕಟಣೆಯಲ್ಲಿ ತಿಳಿಸಲಾಗಿದೆ.
ಕುಡಿ ಚಿವುಟಿದರೆ ತೊಗರಿ ಇಳುವರಿ ಹೆಚ್ಚಳ
ಚಿಕ್ಕಬಳ್ಳಾಪುರ: ಸಣ್ಣ ಬೆಳವಣಿಗೆಗೆ ಸೂರ್ಯರಾಶಿ ಕಡ್ಡಾಯವಾಗಿ ದೊರಕುವಂತೆ ನೋಡಿಕೊಂಡು, ಗಿಡ ಎತ್ತರಕ್ಕೆ ಬೆಳೆಯದಂತೆ ತಡೆದು ತೊಗರಿ ಬೆಳೆಯ ಕುಡಿ ಚಿವುಟುವುದರಿಂದ ಇಳುವರಿ ಹೆಚ್ಚಿಸಬಹುದು ಎಂದು ಕೃಷಿ ವಿಜ್ಞಾನಿಗಳು ತಿಳಿಸಿದ್ದಾರೆ. ಬೆಳೆಗಳಿಗೆ ಅಗತ್ಯ ಸೂಕ್ಷ್ಮ ಪೋಷಕಾಂಶಗಳ ಸಿಂಪಡಣೆ ಹಾಗೂ ಸಮಗ್ರ ಕೀಟ ನಿರ್ವಹಣೆ ಕೈಗೊಳ್ಳಬೇಕು. ಹೂವಾಡುವ ಹಂತದಲ್ಲಿ ತೇವಾಂಶ ಕೊರತೆಯಾಗದಂತೆ ನೋಡಿಕೊಳ್ಳಬೇಕು. ಕುಡಿ ಚಿವುಟುವಿಕೆಯಿಂದ ಗಿಡಗಳು ಪೊದೆಯಾಕಾರವಾಗಿ ಬೆಳೆದು ಹೆಚ್ಚು ಕೊಂಬೆಗಳನ್ನು ಪಡೆಯುತ್ತವೆ. ಇದರಿಂದ ಶೇ.15 ರಿಂದ 20 ರಷ್ಟು ಇಳುವರಿ ಹೆಚ್ಚಳವಾಗುತ್ತದೆ ಎಂದು ಪ್ರಯೋಗಗಳಿಂದ ದೃಢಪಟ್ಟಿದೆ. ಹೆಚ್ಚಿನ ಮಾಹಿತಿಗಾಗಿ ಸಮೀಪದ ರೈತ ಸಂಪರ್ಕ ಕೇಂದ್ರ ಅಥವಾ ಕೃಷಿ ವಿಜ್ಞಾನ ಕೇಂದ್ರವನ್ನು ಸಂಪರ್ಕಿಸಬಹುದು ಎಂದು ಕೃಷಿ ಇಲಾಖೆಯ ಜಂಟಿ ನಿರ್ದೇಶಕರು ತಿಳಿಸಿದ್ದಾರೆ. ರೈತರು ಈ ಸರಳ ವಿಧಾನವನ್ನು ಅಳವಡಿಸಿಕೊಂಡು ಉತ್ತಮ ಇಳುವರಿ ಪಡೆಯುವಂತೆ ಕೋರಿದ್ದಾರೆ.
ತೊಗರಿ ಕುಡಿ ಚಿವುಟುವ ಸಮಯ
ಗಿಡದಲ್ಲಿ ಕವಲೊಡೆಯುವ ಹಂತ ಶಿಖರ ಪ್ರಾಬಲ್ಯವನ್ನು ನಿಯಂತ್ರಿಸಲು ಮತ್ತು ಹೂ ಕಾಯಿ ಬಿಡುವ ಕೊಂಬೆಗಳ ಬೆಳವಣಿಗೆಯನ್ನು ಉತ್ತೇಜಿಸಲು ನಿರ್ಣಾಯಕ ಈ ಹಂತದಲ್ಲಿಯೇ ಕುಡಿ ಚಿವುಟಬೇಕು. ತೊಗರಿಯ ಅಲ್ಪಾವಧಿ (140-145 ದಿನ) ತಳಿಗಳಲ್ಲಿ ಬಿತ್ತನೆಯಾಗಿ (30-40 ದಿನ) ಮತ್ತು ಮಧ್ಯಮಾವಧಿ ತಳಿ (170-180 ದಿನ) ಗಳಲ್ಲಿ 50-60 ದಿನಗಳ ಹಂತದಲ್ಲಿ 2 ಇಂಚು ಉದ್ದ ಮೇಲ್ತುದಿಯನ್ನು ಚಿವುಟಬೇಕು. ಕುಡಿ ಚಿವುಟುವುದರಿಂದ ಹೊಸ,
ದ್ವಿತೀಯ ಮತ್ತು ತೃತೀಯ ಕೊಂಬೆಗಳು ಮೂಡುತ್ತವೆ. ಇವುಗಳಲ್ಲಿ ಹೆಚ್ಚೆಚ್ಚು ಹೂಗಳು ಮತ್ತು ಕಾಯಿಗಳು ಬೆಳೆಯುತ್ತವೆ. ಕೊಂಬೆಗಳ ಸಂಖ್ಯೆ ಹೆಚ್ಚಾದಂತೆ ಸಸ್ಯ ಹಾಗೂ ಕಾಯಿ ಸಂಖ್ಯೆಯೂ ಹೆಚ್ಚಾಗಿ ಉತ್ತಮ ಇಳುವರಿ ದೊರೆಯುತ್ತದೆ. ಕುಡಿ ಚಿವುಟಿದ ನಂತರ ಶಿಫಾರಸು ಮಾಡಿದ ಪೋಷಕಾಂಶಗಳನ್ನು ಸಿಂಪಡಿಸಬೇಕು. ಈ ಹಂತದಲ್ಲಿ ಕೀಟ ಬಾಧೆ ಕಂಡುಬಂದಲ್ಲಿ ಸೂಕ್ತ ಔಷಧಿ ಸಿಂಪಡಿಸುವಂತೆ ಕೃಷಿ ವಿಜ್ಞಾನಿಗಳು ಸಲಹೆ ನೀಡಿದ್ದಾರೆ.
